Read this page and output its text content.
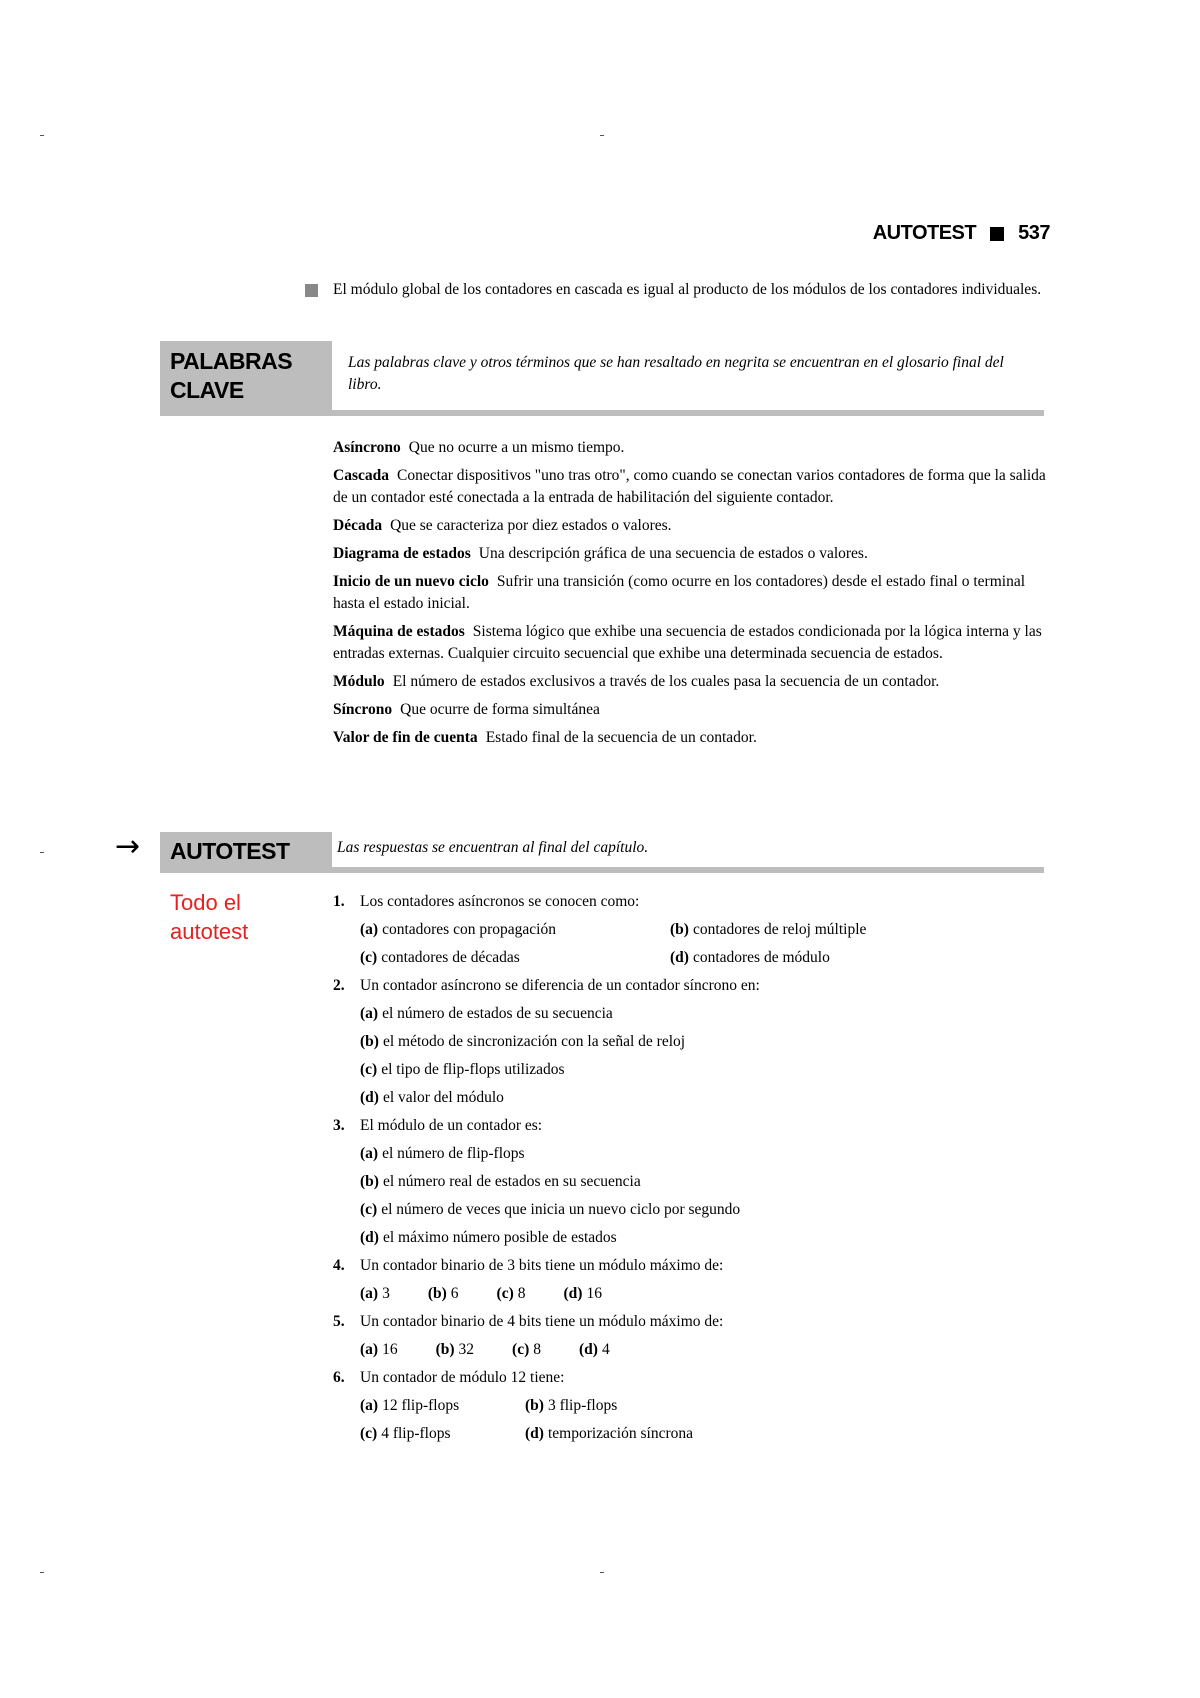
AUTOTEST 537
El módulo global de los contadores en cascada es igual al producto de los módulos de los contadores individuales.
PALABRAS
CLAVE
Las palabras clave y otros términos que se han resaltado en negrita se encuentran en el glosario final del libro.
Asíncrono Que no ocurre a un mismo tiempo.
Cascada Conectar dispositivos "uno tras otro", como cuando se conectan varios contadores de forma que la salida de un contador esté conectada a la entrada de habilitación del siguiente contador.
Década Que se caracteriza por diez estados o valores.
Diagrama de estados Una descripción gráfica de una secuencia de estados o valores.
Inicio de un nuevo ciclo Sufrir una transición (como ocurre en los contadores) desde el estado final o terminal hasta el estado inicial.
Máquina de estados Sistema lógico que exhibe una secuencia de estados condicionada por la lógica interna y las entradas externas. Cualquier circuito secuencial que exhibe una determinada secuencia de estados.
Módulo El número de estados exclusivos a través de los cuales pasa la secuencia de un contador.
Síncrono Que ocurre de forma simultánea
Valor de fin de cuenta Estado final de la secuencia de un contador.
→	AUTOTEST	Las respuestas se encuentran al final del capítulo.
Todo el
autotest
1. Los contadores asíncronos se conocen como:
(a) contadores con propagación	(b) contadores de reloj múltiple
(c) contadores de décadas	(d) contadores de módulo
2. Un contador asíncrono se diferencia de un contador síncrono en:
(a) el número de estados de su secuencia
(b) el método de sincronización con la señal de reloj
(c) el tipo de flip-flops utilizados
(d) el valor del módulo
3. El módulo de un contador es:
(a) el número de flip-flops
(b) el número real de estados en su secuencia
(c) el número de veces que inicia un nuevo ciclo por segundo
(d) el máximo número posible de estados
4. Un contador binario de 3 bits tiene un módulo máximo de:
(a) 3 (b) 6 (c) 8 (d) 16
5. Un contador binario de 4 bits tiene un módulo máximo de:
(a) 16 (b) 32 (c) 8 (d) 4
6. Un contador de módulo 12 tiene:
(a) 12 flip-flops	(b) 3 flip-flops
(c) 4 flip-flops	(d) temporización síncrona
